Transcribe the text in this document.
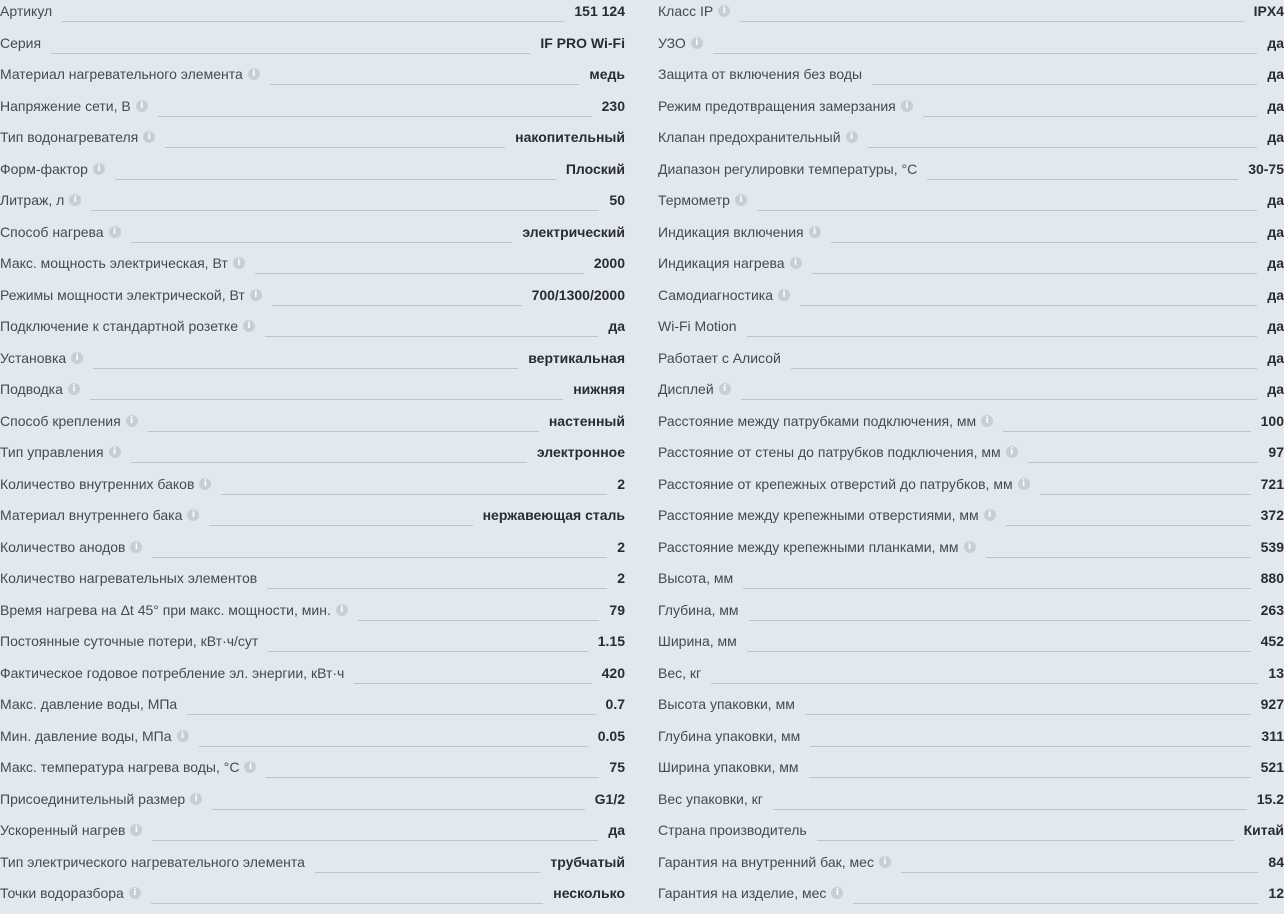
Артикул	151 124
Серия	IF PRO Wi-Fi
Материал нагревательного элемента	i	медь
Напряжение сети, В	i	230
Тип водонагревателя	i	накопительный
Форм-фактор	i	Плоский
Литраж, л	i	50
Способ нагрева	i	электрический
Макс. мощность электрическая, Вт	i	2000
Режимы мощности электрической, Вт	i	700/1300/2000
Подключение к стандартной розетке	i	да
Установка	i	вертикальная
Подводка	i	нижняя
Способ крепления	i	настенный
Тип управления	i	электронное
Количество внутренних баков	i	2
Материал внутреннего бака	i	нержавеющая сталь
Количество анодов	i	2
Количество нагревательных элементов	2
Время нагрева на Δt 45° при макс. мощности, мин.	i	79
Постоянные суточные потери, кВт·ч/сут	1.15
Фактическое годовое потребление эл. энергии, кВт·ч	420
Макс. давление воды, МПа	0.7
Мин. давление воды, МПа	i	0.05
Макс. температура нагрева воды, °С	i	75
Присоединительный размер	i	G1/2
Ускоренный нагрев	i	да
Тип электрического нагревательного элемента	трубчатый
Точки водоразбора	i	несколько
Класс IP	i	IPX4
УЗО	i	да
Защита от включения без воды	да
Режим предотвращения замерзания	i	да
Клапан предохранительный	i	да
Диапазон регулировки температуры, °С	30-75
Термометр	i	да
Индикация включения	i	да
Индикация нагрева	i	да
Самодиагностика	i	да
Wi-Fi Motion	да
Работает с Алисой	да
Дисплей	i	да
Расстояние между патрубками подключения, мм	i	100
Расстояние от стены до патрубков подключения, мм	i	97
Расстояние от крепежных отверстий до патрубков, мм	i	721
Расстояние между крепежными отверстиями, мм	i	372
Расстояние между крепежными планками, мм	i	539
Высота, мм	880
Глубина, мм	263
Ширина, мм	452
Вес, кг	13
Высота упаковки, мм	927
Глубина упаковки, мм	311
Ширина упаковки, мм	521
Вес упаковки, кг	15.2
Страна производитель	Китай
Гарантия на внутренний бак, мес	i	84
Гарантия на изделие, мес	i	12
